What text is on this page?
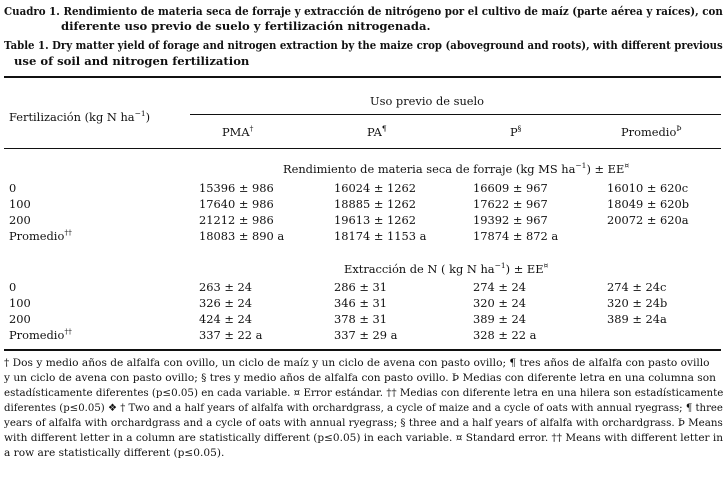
Cuadro 1. Rendimiento de materia seca de forraje y extracción de nitrógeno por el cultivo de maíz (parte aérea y raíces), con
diferente uso previo de suelo y fertilización nitrogenada.
Table 1. Dry matter yield of forage and nitrogen extraction by the maize crop (aboveground and roots), with different previous
use of soil and nitrogen fertilization
Fertilización (kg N $ha^{-1}$)
Uso previo de suelo
PMA†	PA¶	P§	Promedio$^Þ$
Rendimiento de materia seca de forraje (kg MS $ha^{-1}) \pm EE^¤$
0	15396 ± 986	16024 ± 1262	16609 ± 967	16010 ± 620c
100	17640 ± 986	18885 ± 1262	17622 ± 967	18049 ± 620b
200	21212 ± 986	19613 ± 1262	19392 ± 967	20072 ± 620a
Promedio††	18083 ± 890 a	18174 ± 1153 a	17874 ± 872 a
Extracción de N ( kg N $ha^{-1}) \pm EE^¤$
0	263 ± 24	286 ± 31	274 ± 24	274 ± 24c
100	326 ± 24	346 ± 31	320 ± 24	320 ± 24b
200	424 ± 24	378 ± 31	389 ± 24	389 ± 24a
Promedio††	337 ± 22 a	337 ± 29 a	328 ± 22 a
† Dos y medio años de alfalfa con ovillo, un ciclo de maíz y un ciclo de avena con pasto ovillo; ¶ tres años de alfalfa con pasto ovillo
y un ciclo de avena con pasto ovillo; § tres y medio años de alfalfa con pasto ovillo. Þ Medias con diferente letra en una columna son
estadísticamente diferentes (p≤0.05) en cada variable. ¤ Error estándar. †† Medias con diferente letra en una hilera son estadísticamente
diferentes (p≤0.05) ❖ † Two and a half years of alfalfa with orchardgrass, a cycle of maize and a cycle of oats with annual ryegrass; ¶ three
years of alfalfa with orchardgrass and a cycle of oats with annual ryegrass; § three and a half years of alfalfa with orchardgrass. Þ Means
with different letter in a column are statistically different (p≤0.05) in each variable. ¤ Standard error. †† Means with different letter in
a row are statistically different (p≤0.05).
